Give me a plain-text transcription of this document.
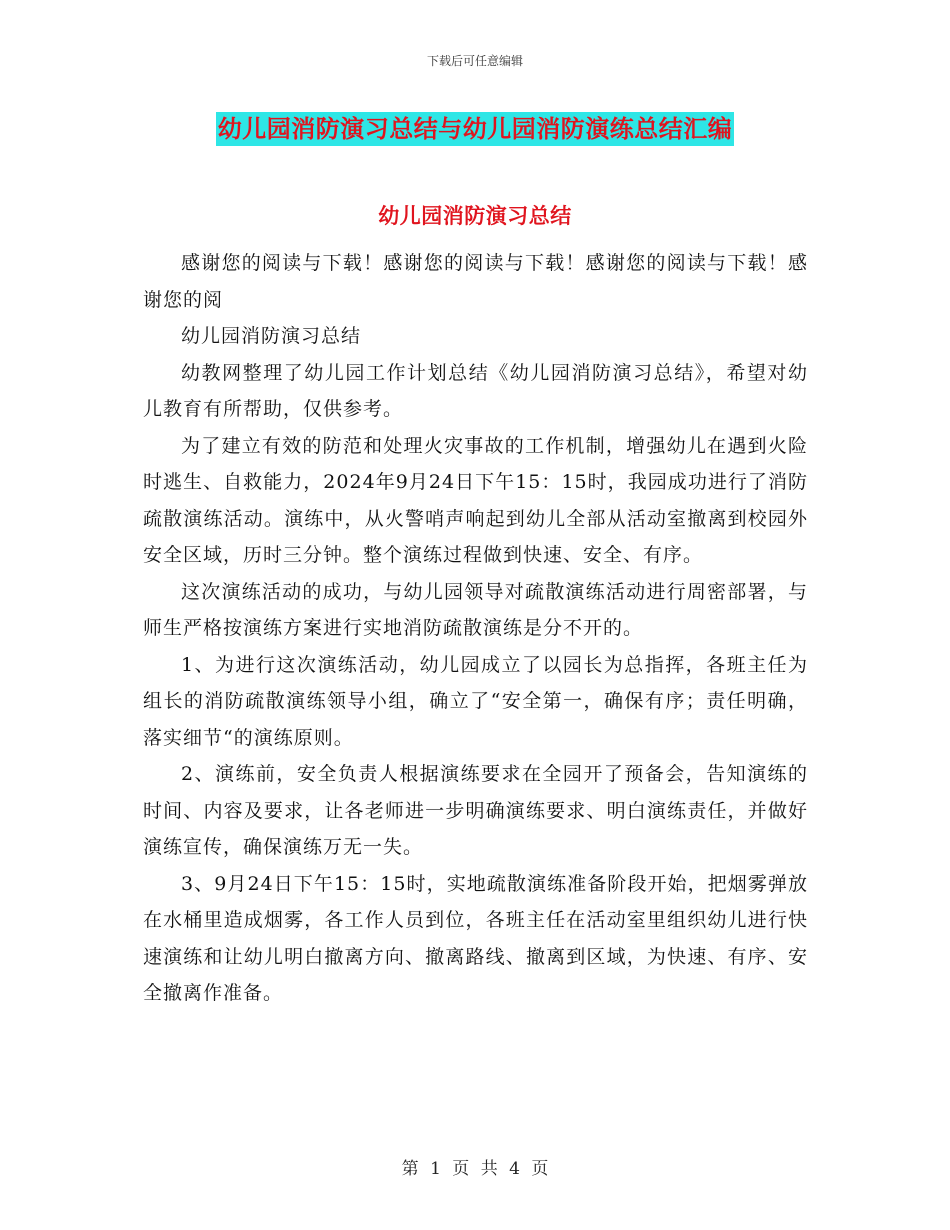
下载后可任意编辑
幼儿园消防演习总结与幼儿园消防演练总结汇编
幼儿园消防演习总结

感谢您的阅读与下载！感谢您的阅读与下载！感谢您的阅读与下载！感谢您的阅

幼儿园消防演习总结

幼教网整理了幼儿园工作计划总结《幼儿园消防演习总结》，希望对幼儿教育有所帮助，仅供参考。

为了建立有效的防范和处理火灾事故的工作机制，增强幼儿在遇到火险时逃生、自救能力，2024年9月24日下午15：15时，我园成功进行了消防疏散演练活动。演练中，从火警哨声响起到幼儿全部从活动室撤离到校园外安全区域，历时三分钟。整个演练过程做到快速、安全、有序。

这次演练活动的成功，与幼儿园领导对疏散演练活动进行周密部署，与师生严格按演练方案进行实地消防疏散演练是分不开的。

1、为进行这次演练活动，幼儿园成立了以园长为总指挥，各班主任为组长的消防疏散演练领导小组，确立了“安全第一，确保有序；责任明确，落实细节“的演练原则。

2、演练前，安全负责人根据演练要求在全园开了预备会，告知演练的时间、内容及要求，让各老师进一步明确演练要求、明白演练责任，并做好演练宣传，确保演练万无一失。

3、9月24日下午15：15时，实地疏散演练准备阶段开始，把烟雾弹放在水桶里造成烟雾，各工作人员到位，各班主任在活动室里组织幼儿进行快速演练和让幼儿明白撤离方向、撤离路线、撤离到区域，为快速、有序、安全撤离作准备。

第 1 页 共 4 页
